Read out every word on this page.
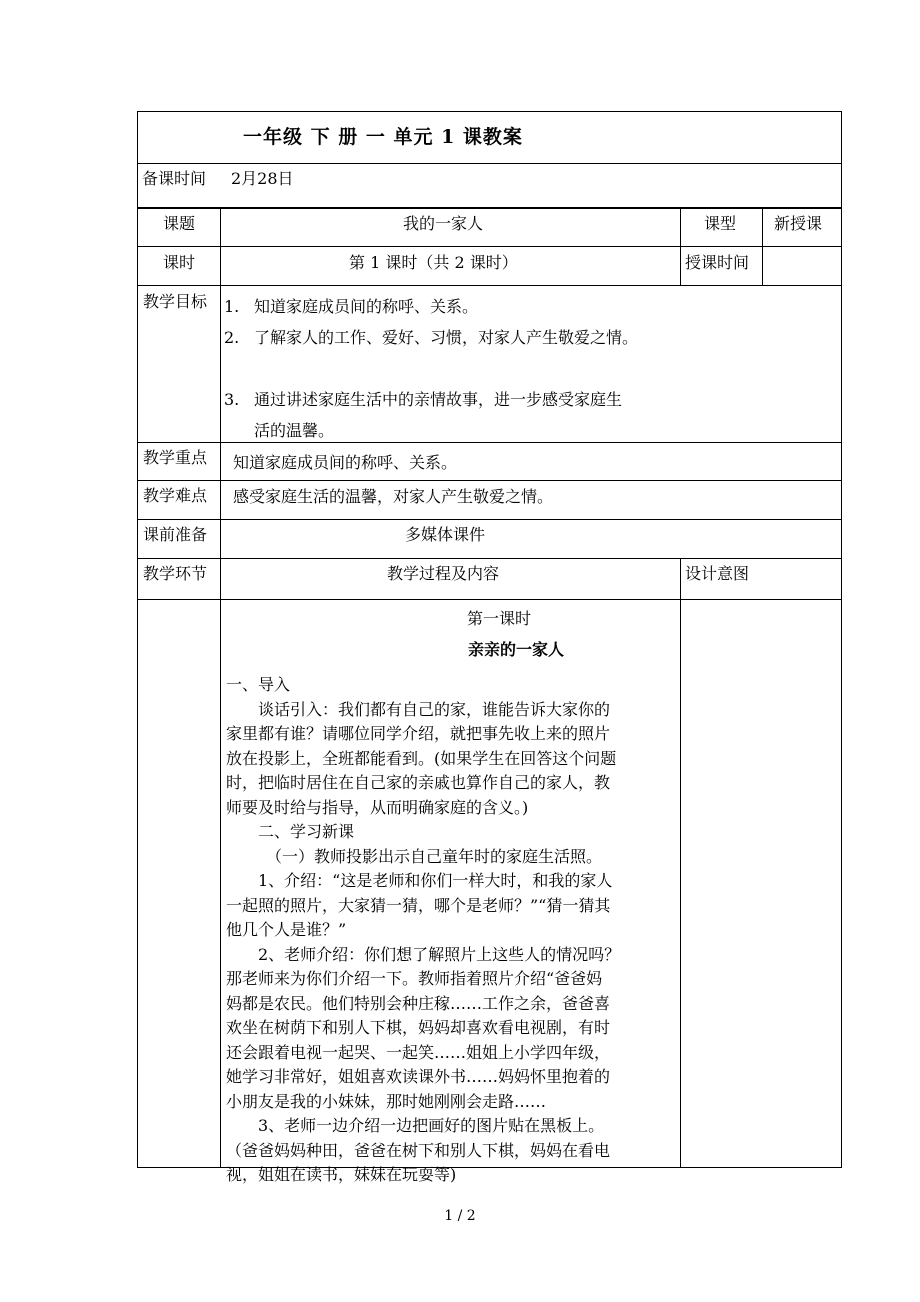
一年级 下 册 一 单元 1 课教案
备课时间 2月28日
课题	我的一家人	课型 新授课
课时	第 1 课时（共 2 课时）	授课时间
教学目标 1. 知道家庭成员间的称呼、关系。
2. 了解家人的工作、爱好、习惯，对家人产生敬爱之情。
3. 通过讲述家庭生活中的亲情故事，进一步感受家庭生
活的温馨。
教学重点 知道家庭成员间的称呼、关系。
教学难点 感受家庭生活的温馨，对家人产生敬爱之情。
课前准备	多媒体课件
教学环节	教学过程及内容	设计意图
第一课时
亲亲的一家人
一、导入
谈话引入：我们都有自己的家，谁能告诉大家你的
家里都有谁？请哪位同学介绍，就把事先收上来的照片
放在投影上，全班都能看到。(如果学生在回答这个问题
时，把临时居住在自己家的亲戚也算作自己的家人，教
师要及时给与指导，从而明确家庭的含义。)
二、学习新课
（一）教师投影出示自己童年时的家庭生活照。
1、介绍：“这是老师和你们一样大时，和我的家人
一起照的照片，大家猜一猜，哪个是老师？”“猜一猜其
他几个人是谁？”
2、老师介绍：你们想了解照片上这些人的情况吗？
那老师来为你们介绍一下。教师指着照片介绍“爸爸妈
妈都是农民。他们特别会种庄稼……工作之余，爸爸喜
欢坐在树荫下和别人下棋，妈妈却喜欢看电视剧，有时
还会跟着电视一起哭、一起笑……姐姐上小学四年级，
她学习非常好，姐姐喜欢读课外书……妈妈怀里抱着的
小朋友是我的小妹妹，那时她刚刚会走路……
3、老师一边介绍一边把画好的图片贴在黑板上。
（爸爸妈妈种田，爸爸在树下和别人下棋，妈妈在看电
视，姐姐在读书，妹妹在玩耍等)
1 / 2
